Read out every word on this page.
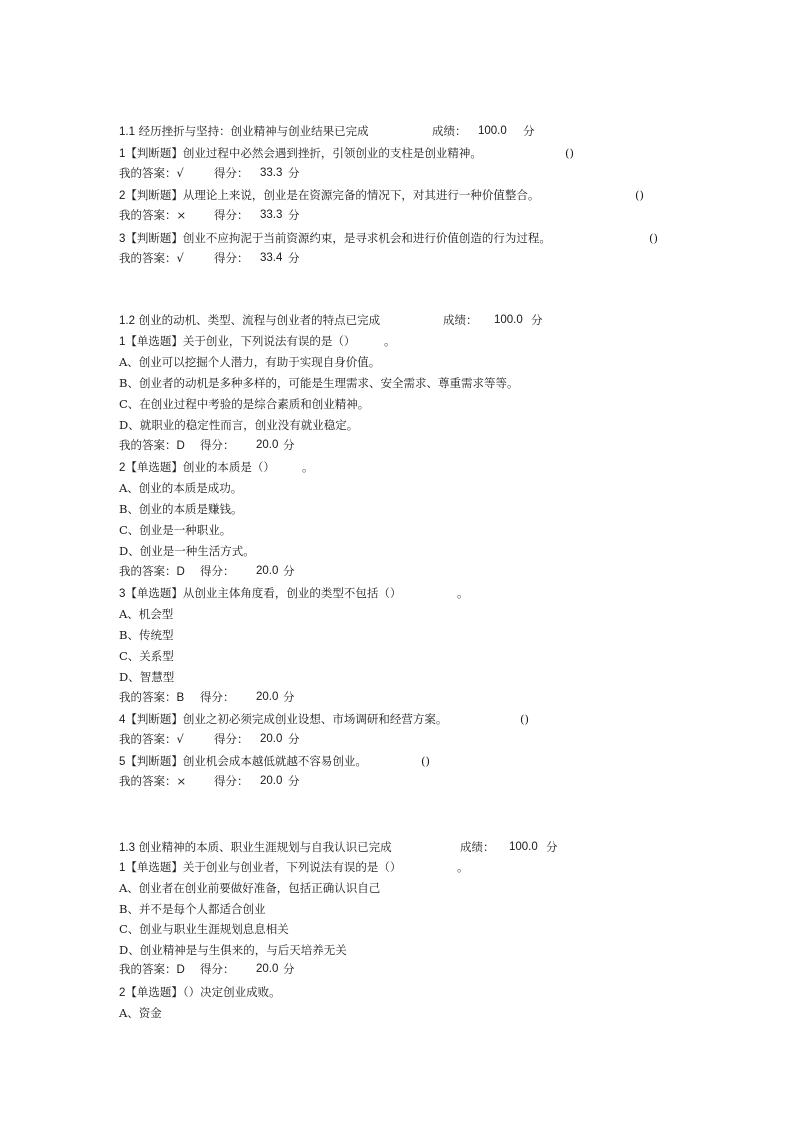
1.1 经历挫折与坚持：创业精神与创业结果已完成	成绩： 100.0 分
1【判断题】创业过程中必然会遇到挫折，引领创业的支柱是创业精神。	()
我的答案：√	得分： 33.3 分
2【判断题】从理论上来说，创业是在资源完备的情况下，对其进行一种价值整合。	()
我的答案：× 得分： 33.3 分
3【判断题】创业不应拘泥于当前资源约束，是寻求机会和进行价值创造的行为过程。	()
我的答案：√	得分： 33.4 分
1.2 创业的动机、类型、流程与创业者的特点已完成	成绩： 100.0 分
1【单选题】关于创业，下列说法有误的是（） 。
A、创业可以挖掘个人潜力，有助于实现自身价值。
B、创业者的动机是多种多样的，可能是生理需求、安全需求、尊重需求等等。
C、在创业过程中考验的是综合素质和创业精神。
D、就职业的稳定性而言，创业没有就业稳定。
我的答案：D 得分： 20.0 分
2【单选题】创业的本质是（） 。
A、创业的本质是成功。
B、创业的本质是赚钱。
C、创业是一种职业。
D、创业是一种生活方式。
我的答案：D 得分： 20.0 分
3【单选题】从创业主体角度看，创业的类型不包括（）	。
A、机会型
B、传统型
C、关系型
D、智慧型
我的答案：B 得分： 20.0 分
4【判断题】创业之初必须完成创业设想、市场调研和经营方案。	()
我的答案：√	得分： 20.0 分
5【判断题】创业机会成本越低就越不容易创业。	()
我的答案：× 得分： 20.0 分
1.3 创业精神的本质、职业生涯规划与自我认识已完成	成绩： 100.0 分
1【单选题】关于创业与创业者，下列说法有误的是（）	。
A、创业者在创业前要做好准备，包括正确认识自己
B、并不是每个人都适合创业
C、创业与职业生涯规划息息相关
D、创业精神是与生俱来的，与后天培养无关
我的答案：D 得分： 20.0 分
2【单选题】（）决定创业成败。
A、资金
